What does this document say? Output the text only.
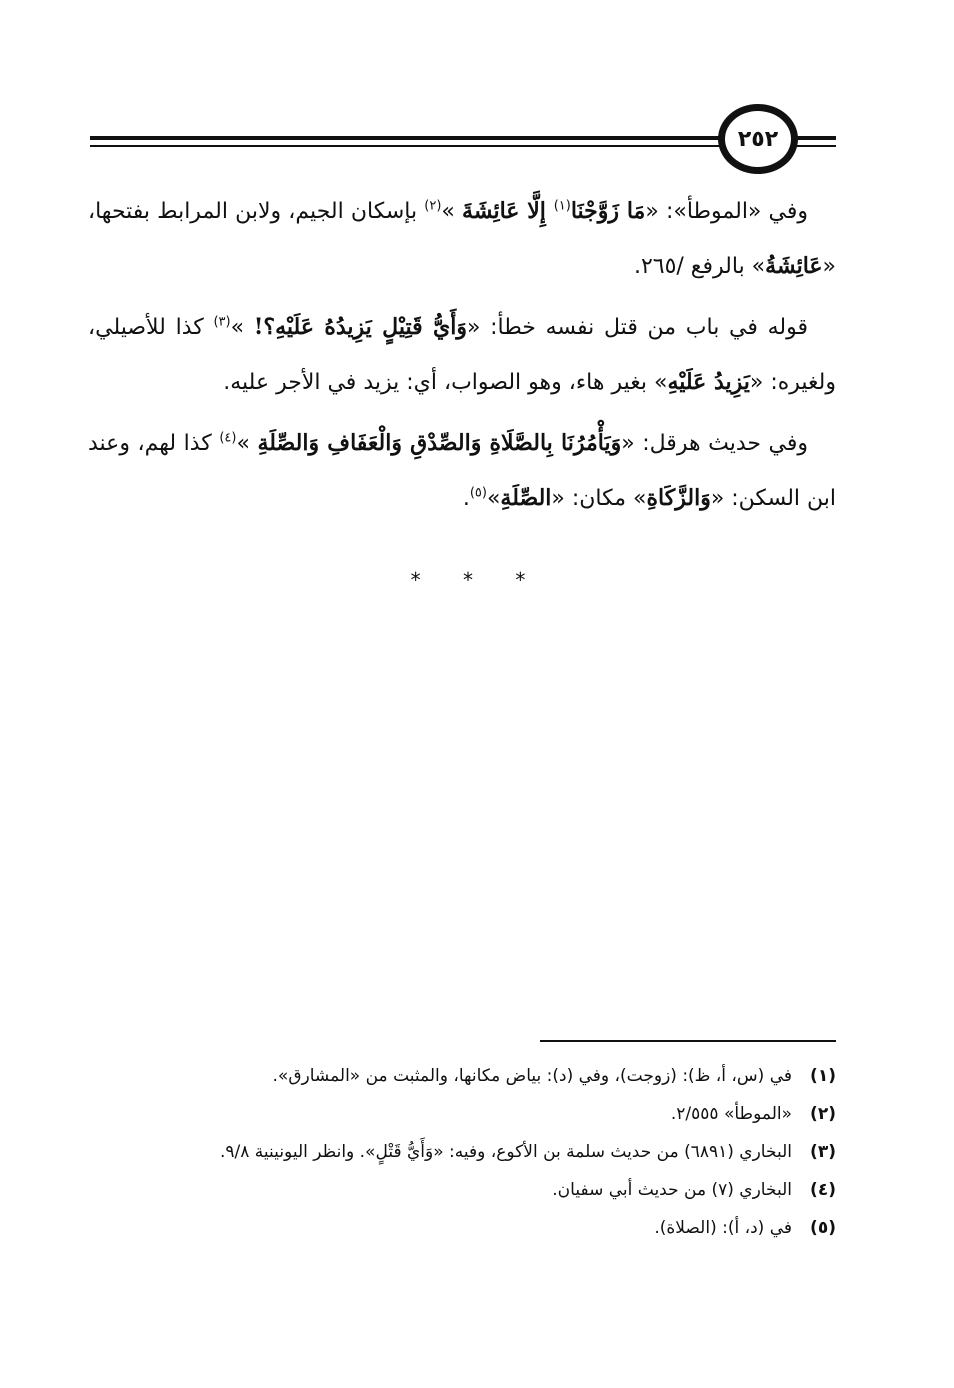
٢٥٢

وفي «الموطأ»: «مَا زَوَّجْنَا$^{(١)}$ إِلَّا عَائِشَةَ »$^{(٢)}$ بإسكان الجيم، ولابن المرابط بفتحها، «عَائِشَةُ» بالرفع /٢٦٥.

قوله في باب من قتل نفسه خطأ: «وَأَيُّ قَتِيْلٍ يَزِيدُهُ عَلَيْهِ؟! »$^{(٣)}$ كذا للأصيلي، ولغيره: «يَزِيدُ عَلَيْهِ» بغير هاء، وهو الصواب، أي: يزيد في الأجر عليه.

وفي حديث هرقل: «وَيَأْمُرُنَا بِالصَّلَاةِ وَالصِّدْقِ وَالْعَفَافِ وَالصِّلَةِ »$^{(٤)}$ كذا لهم، وعند ابن السكن: «وَالزَّكَاةِ» مكان: «الصِّلَةِ»$^{(٥)}$.

* * *
(١)
في (س، أ، ظ): (زوجت)، وفي (د): بياض مكانها، والمثبت من «المشارق».
(٢)
«الموطأ» ٢/٥٥٥.
(٣)
البخاري (٦٨٩١) من حديث سلمة بن الأكوع، وفيه: «وَأَيُّ قَتْلٍ». وانظر اليونينية ٩/٨.
(٤)
البخاري (٧) من حديث أبي سفيان.
(٥)
في (د، أ): (الصلاة).
